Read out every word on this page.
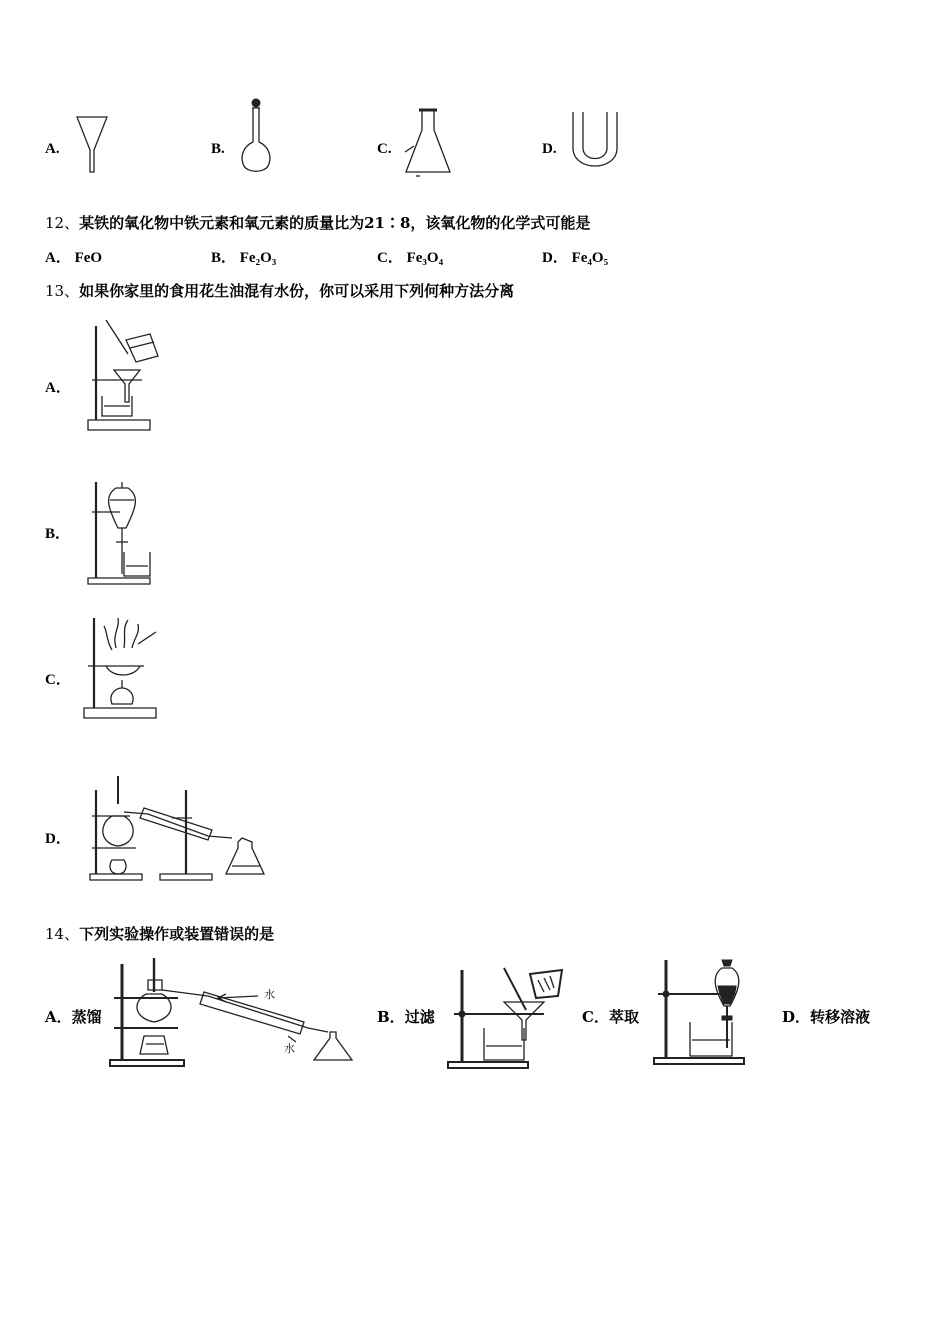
A.	B.	C.	D.
12、某铁的氧化物中铁元素和氧元素的质量比为21∶8，该氧化物的化学式可能是
A． FeO	B． Fe₂O₃	C． Fe₃O₄	D． Fe₄O₅
13、如果你家里的食用花生油混有水份，你可以采用下列何种方法分离
A．
B．
C．
D．
14、下列实验操作或装置错误的是
A．蒸馏
水
水
B．过滤	C．萃取	D．转移溶液
